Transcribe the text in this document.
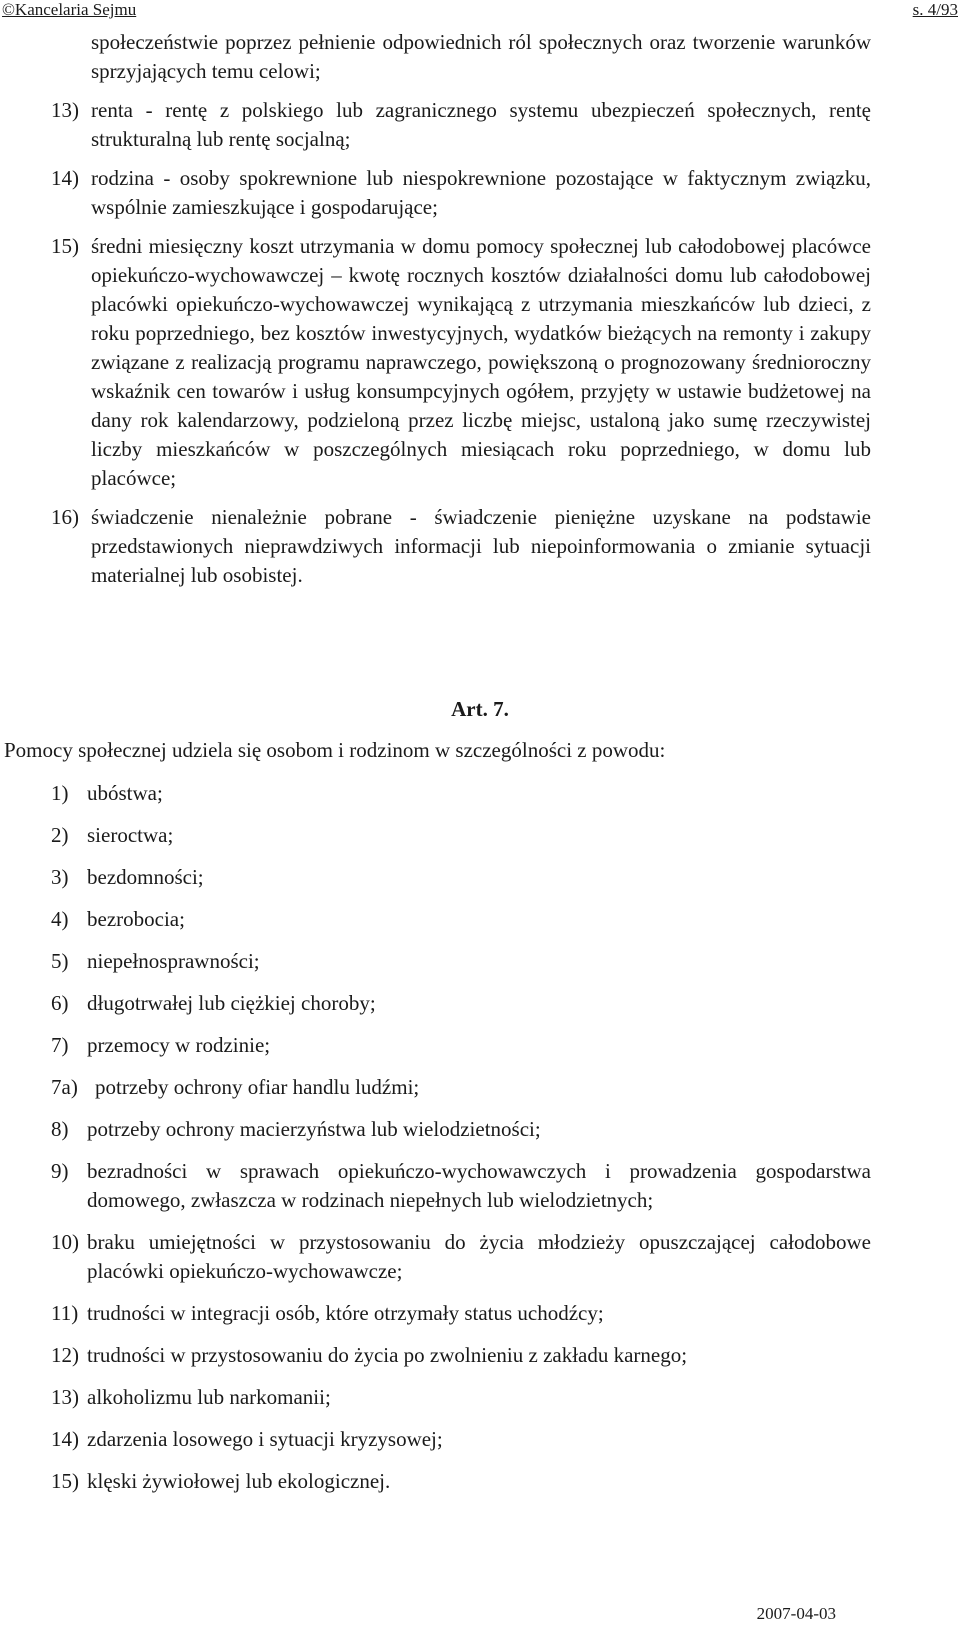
©Kancelaria Sejmu	s. 4/93
społeczeństwie poprzez pełnienie odpowiednich ról społecznych oraz tworzenie warunków sprzyjających temu celowi;
13) renta - rentę z polskiego lub zagranicznego systemu ubezpieczeń społecznych, rentę strukturalną lub rentę socjalną;
14) rodzina - osoby spokrewnione lub niespokrewnione pozostające w faktycznym związku, wspólnie zamieszkujące i gospodarujące;
15) średni miesięczny koszt utrzymania w domu pomocy społecznej lub całodobowej placówce opiekuńczo-wychowawczej – kwotę rocznych kosztów działalności domu lub całodobowej placówki opiekuńczo-wychowawczej wynikającą z utrzymania mieszkańców lub dzieci, z roku poprzedniego, bez kosztów inwestycyjnych, wydatków bieżących na remonty i zakupy związane z realizacją programu naprawczego, powiększoną o prognozowany średnioroczny wskaźnik cen towarów i usług konsumpcyjnych ogółem, przyjęty w ustawie budżetowej na dany rok kalendarzowy, podzieloną przez liczbę miejsc, ustaloną jako sumę rzeczywistej liczby mieszkańców w poszczególnych miesiącach roku poprzedniego, w domu lub placówce;
16) świadczenie nienależnie pobrane - świadczenie pieniężne uzyskane na podstawie przedstawionych nieprawdziwych informacji lub niepoinformowania o zmianie sytuacji materialnej lub osobistej.
Art. 7.
Pomocy społecznej udziela się osobom i rodzinom w szczególności z powodu:
1) ubóstwa;
2) sieroctwa;
3) bezdomności;
4) bezrobocia;
5) niepełnosprawności;
6) długotrwałej lub ciężkiej choroby;
7) przemocy w rodzinie;
7a) potrzeby ochrony ofiar handlu ludźmi;
8) potrzeby ochrony macierzyństwa lub wielodzietności;
9) bezradności w sprawach opiekuńczo-wychowawczych i prowadzenia gospodarstwa domowego, zwłaszcza w rodzinach niepełnych lub wielodzietnych;
10) braku umiejętności w przystosowaniu do życia młodzieży opuszczającej całodobowe placówki opiekuńczo-wychowawcze;
11) trudności w integracji osób, które otrzymały status uchodźcy;
12) trudności w przystosowaniu do życia po zwolnieniu z zakładu karnego;
13) alkoholizmu lub narkomanii;
14) zdarzenia losowego i sytuacji kryzysowej;
15) klęski żywiołowej lub ekologicznej.
2007-04-03
